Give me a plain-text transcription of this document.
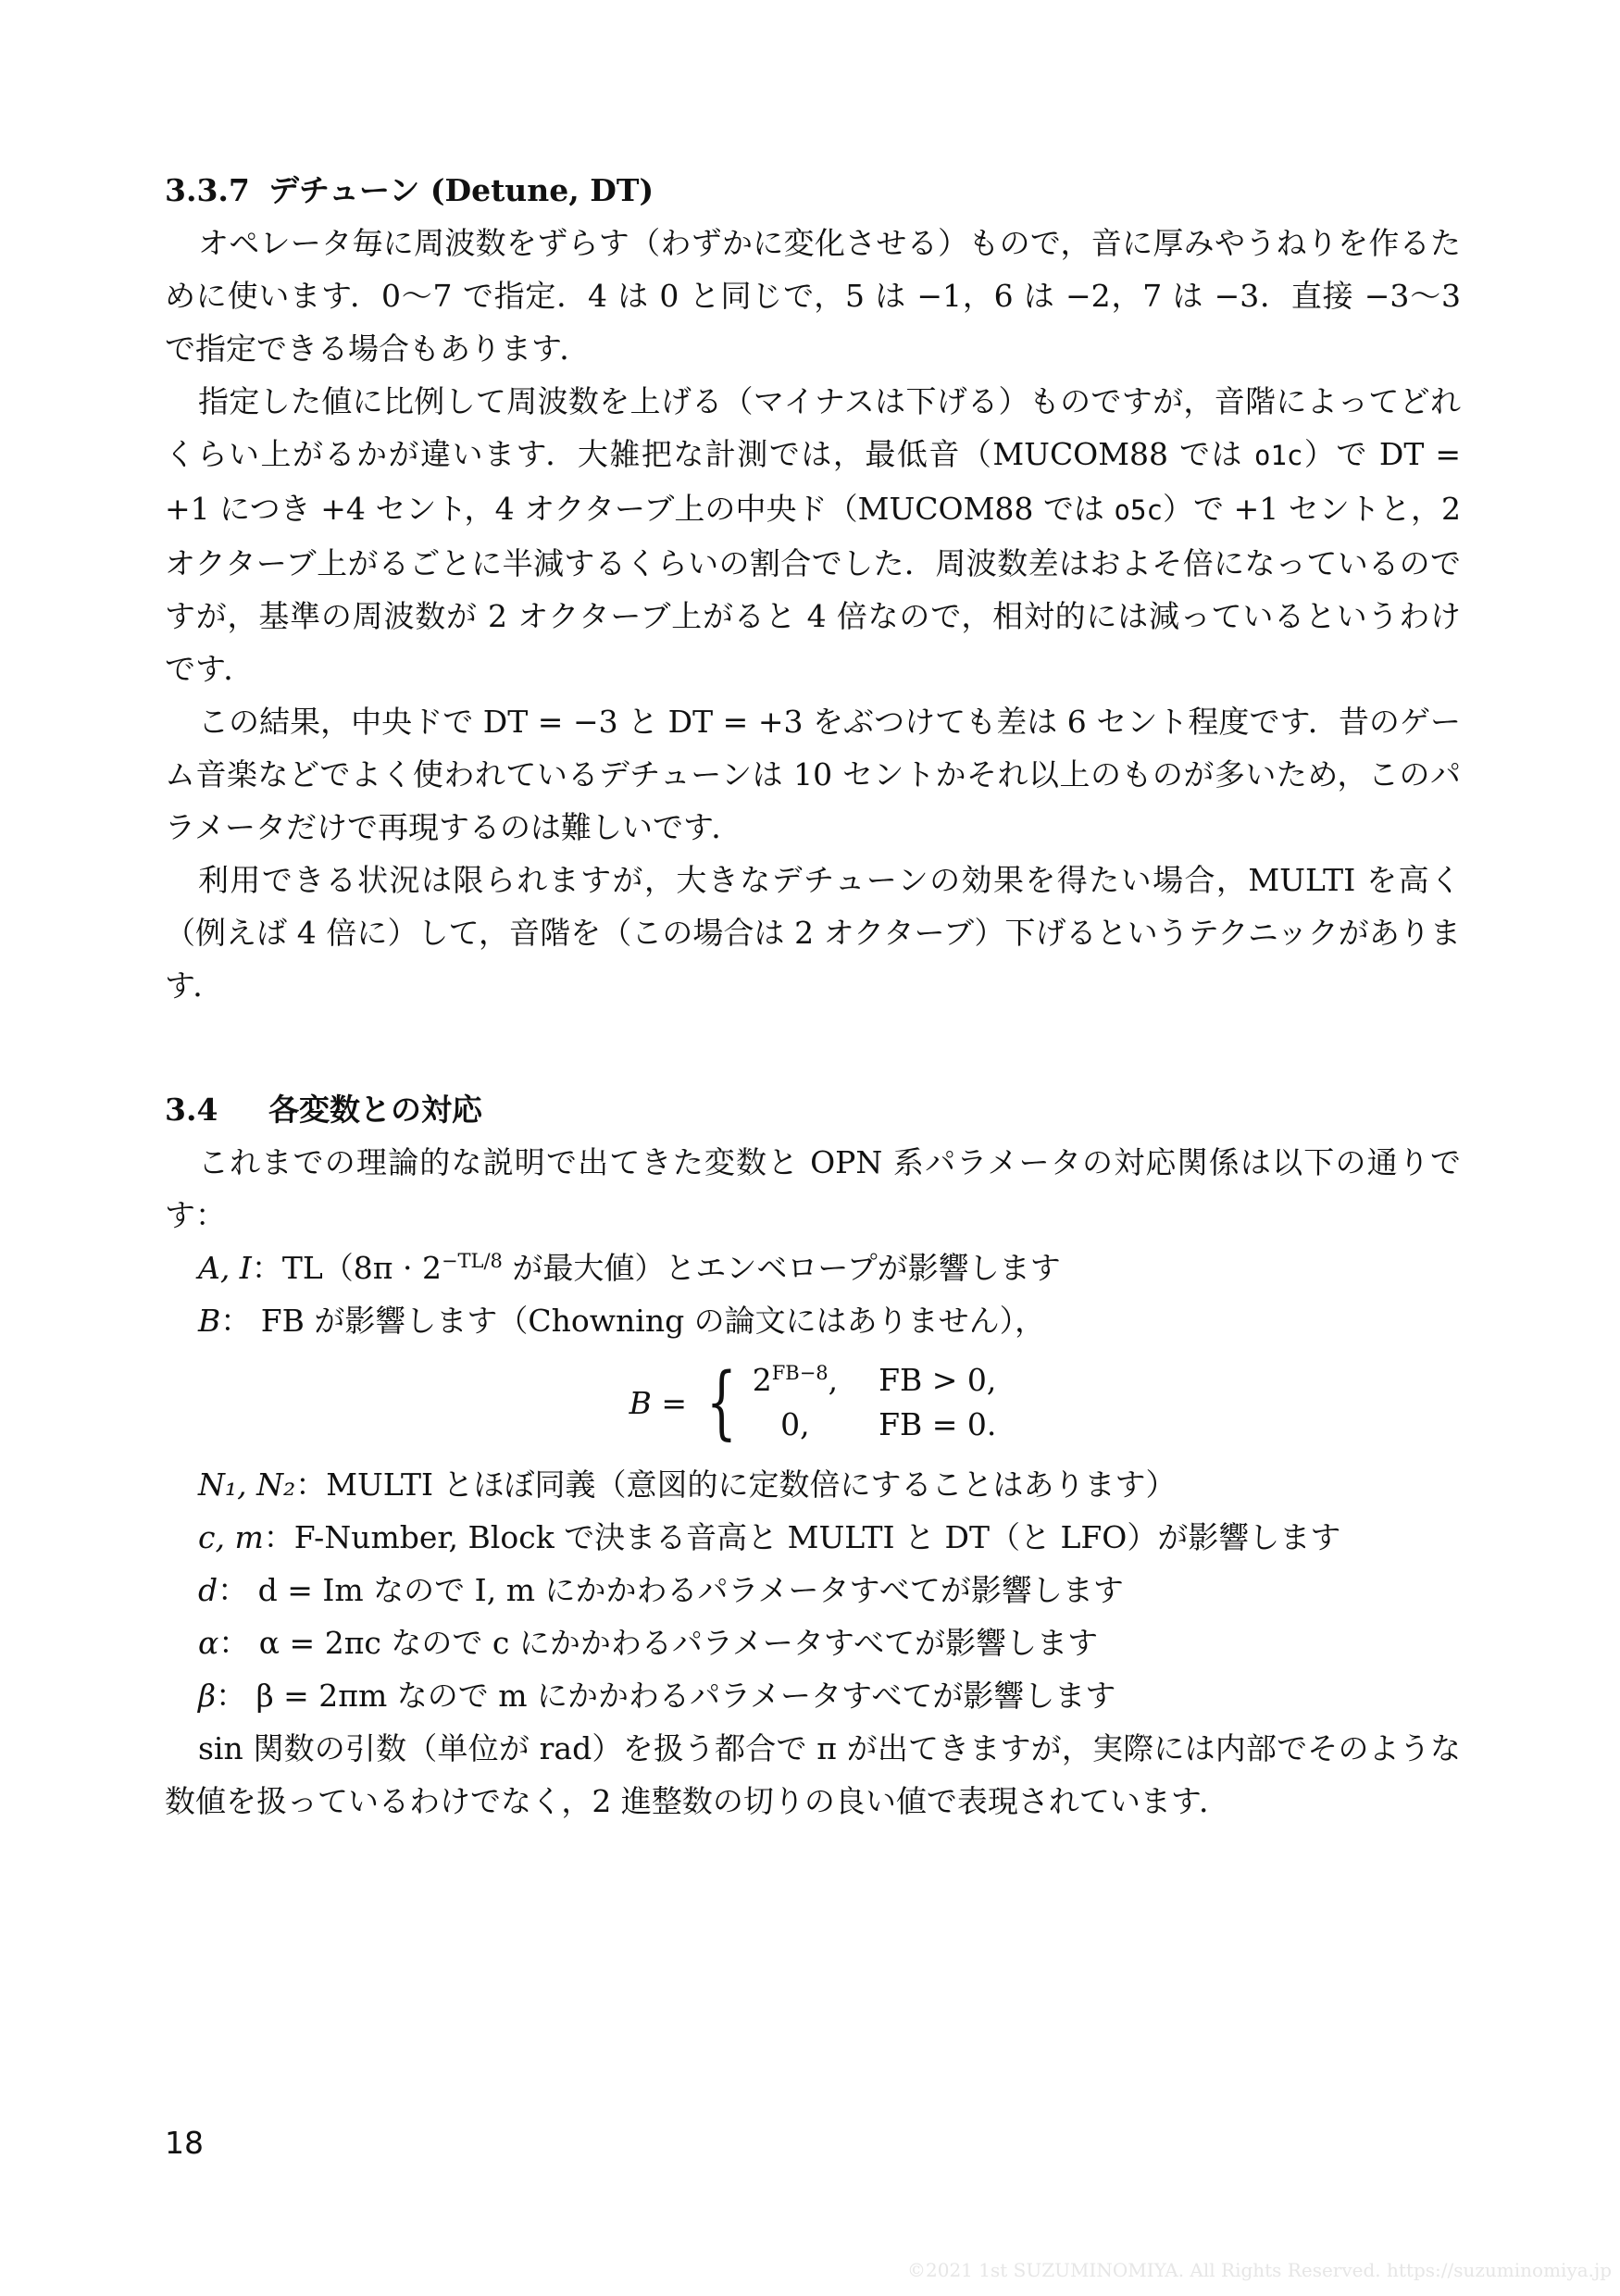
3.3.7 デチューン (Detune, DT)

オペレータ毎に周波数をずらす（わずかに変化させる）もので，音に厚みやうねりを作るために使います．0〜7 で指定．4 は 0 と同じで，5 は −1，6 は −2，7 は −3．直接 −3〜3 で指定できる場合もあります．

指定した値に比例して周波数を上げる（マイナスは下げる）ものですが，音階によってどれくらい上がるかが違います．大雑把な計測では，最低音（MUCOM88 では o1c）で DT = +1 につき +4 セント，4 オクターブ上の中央ド（MUCOM88 では o5c）で +1 セントと，2 オクターブ上がるごとに半減するくらいの割合でした．周波数差はおよそ倍になっているのですが，基準の周波数が 2 オクターブ上がると 4 倍なので，相対的には減っているというわけです．

この結果，中央ドで DT = −3 と DT = +3 をぶつけても差は 6 セント程度です．昔のゲーム音楽などでよく使われているデチューンは 10 セントかそれ以上のものが多いため，このパラメータだけで再現するのは難しいです．

利用できる状況は限られますが，大きなデチューンの効果を得たい場合，MULTI を高く（例えば 4 倍に）して，音階を（この場合は 2 オクターブ）下げるというテクニックがあります．

3.4 各変数との対応

これまでの理論的な説明で出てきた変数と OPN 系パラメータの対応関係は以下の通りです：

A, I：$TL(8\pi \cdot 2^{-TL/8}$ が最大値）とエンベロープが影響します
B： FB が影響します（Chowning の論文にはありません），
B = { $2^{FB-8}$, FB > 0,
0,	FB = 0.
N₁, N₂：MULTI とほぼ同義（意図的に定数倍にすることはあります）
c, m：F-Number, Block で決まる音高と MULTI と DT（と LFO）が影響します
d： d = Im なので I, m にかかわるパラメータすべてが影響します
α： α = 2πc なので c にかかわるパラメータすべてが影響します
β： β = 2πm なので m にかかわるパラメータすべてが影響します

sin 関数の引数（単位が rad）を扱う都合で π が出てきますが，実際には内部でそのような数値を扱っているわけでなく，2 進整数の切りの良い値で表現されています．

18
©2021 1st SUZUMINOMIYA. All Rights Reserved. https://suzuminomiya.jp
